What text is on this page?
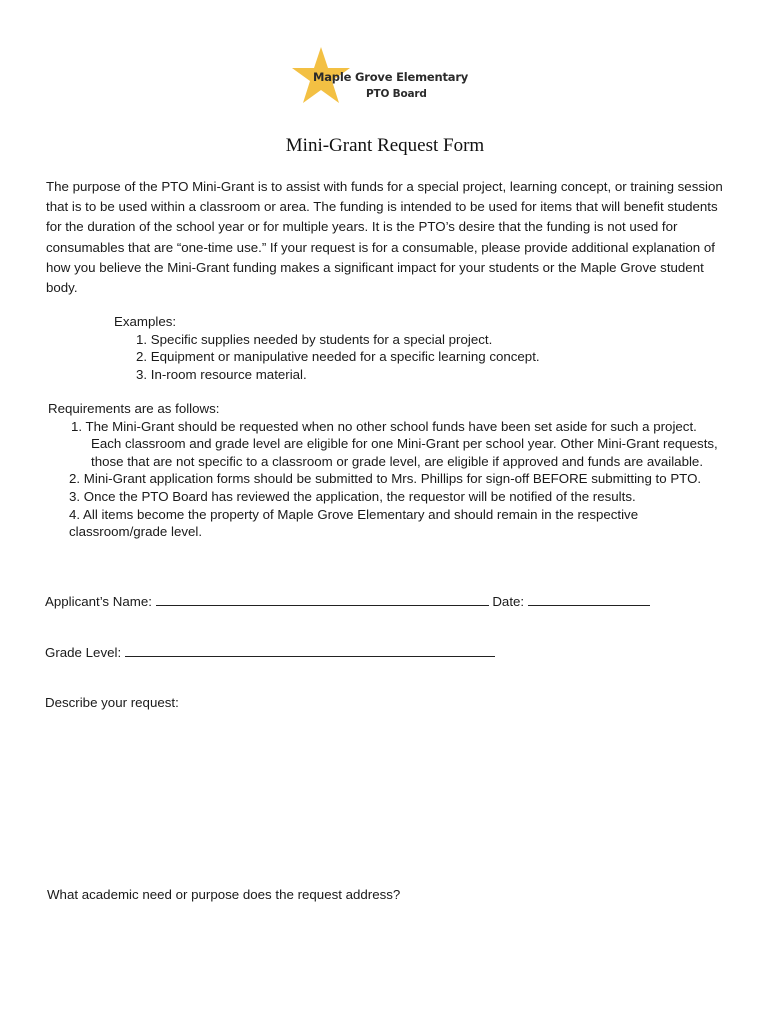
Maple Grove Elementary
PTO Board
Mini-Grant Request Form

The purpose of the PTO Mini-Grant is to assist with funds for a special project, learning concept, or training session that is to be used within a classroom or area. The funding is intended to be used for items that will benefit students for the duration of the school year or for multiple years. It is the PTO’s desire that the funding is not used for consumables that are “one-time use.” If your request is for a consumable, please provide additional explanation of how you believe the Mini-Grant funding makes a significant impact for your students or the Maple Grove student body.

Examples:
1. Specific supplies needed by students for a special project.
2. Equipment or manipulative needed for a specific learning concept.
3. In-room resource material.
Requirements are as follows:
1. The Mini-Grant should be requested when no other school funds have been set aside for such a project.
Each classroom and grade level are eligible for one Mini-Grant per school year. Other Mini-Grant requests, those that are not specific to a classroom or grade level, are eligible if approved and funds are available.
2. Mini-Grant application forms should be submitted to Mrs. Phillips for sign-off BEFORE submitting to PTO.
3. Once the PTO Board has reviewed the application, the requestor will be notified of the results.
4. All items become the property of Maple Grove Elementary and should remain in the respective classroom/grade level.
Applicant’s Name:	Date:
Grade Level:
Describe your request:
What academic need or purpose does the request address?
